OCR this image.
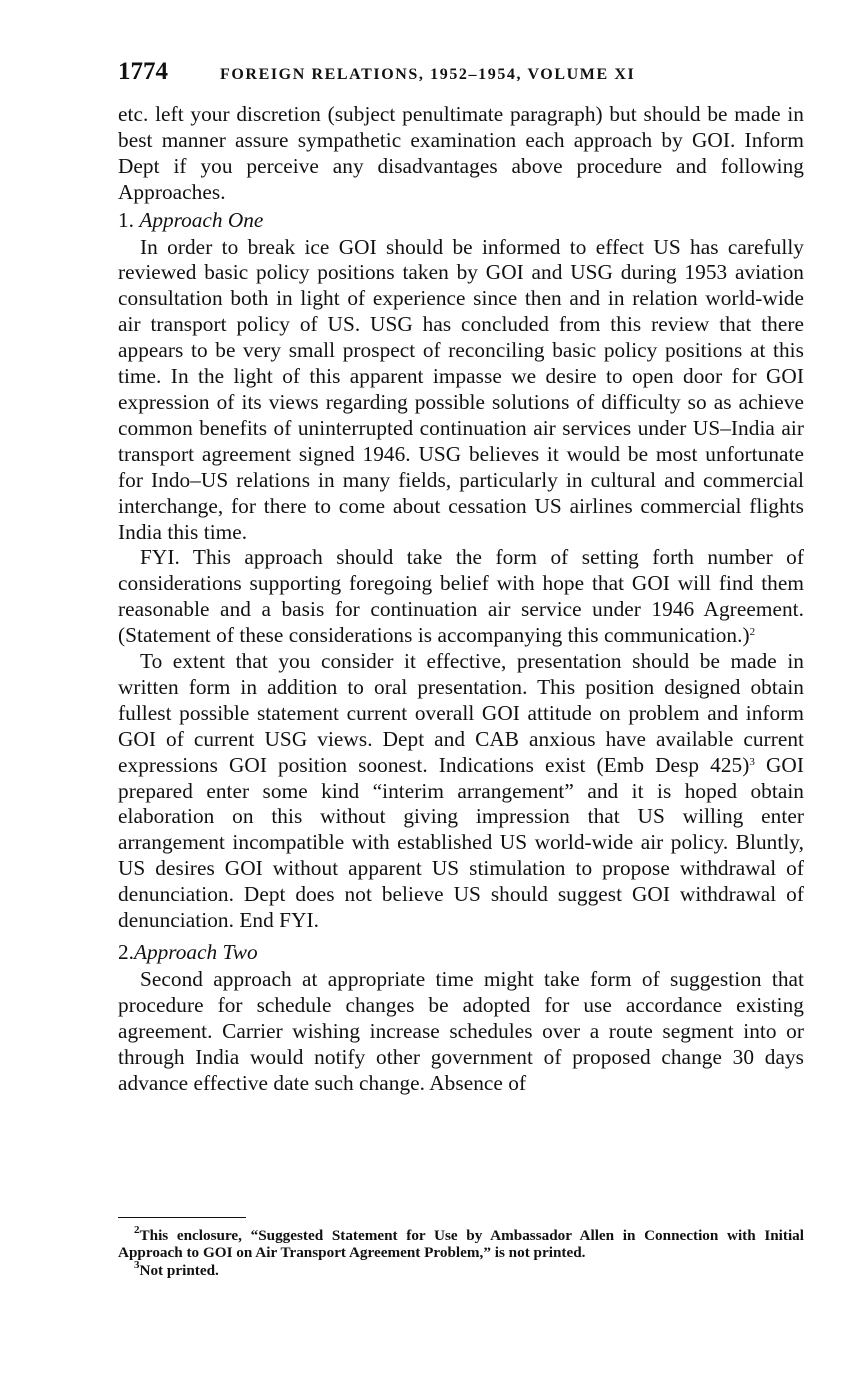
1774	FOREIGN RELATIONS, 1952–1954, VOLUME XI

etc. left your discretion (subject penultimate paragraph) but should be made in best manner assure sympathetic examination each approach by GOI. Inform Dept if you perceive any disadvantages above procedure and following Approaches.

1. Approach One

In order to break ice GOI should be informed to effect US has carefully reviewed basic policy positions taken by GOI and USG during 1953 aviation consultation both in light of experience since then and in relation world-wide air transport policy of US. USG has concluded from this review that there appears to be very small prospect of reconciling basic policy positions at this time. In the light of this apparent impasse we desire to open door for GOI expression of its views regarding possible solutions of difficulty so as achieve common benefits of uninterrupted continuation air services under US–India air transport agreement signed 1946. USG believes it would be most unfortunate for Indo–US relations in many fields, particularly in cultural and commercial interchange, for there to come about cessation US airlines commercial flights India this time.

FYI. This approach should take the form of setting forth number of considerations supporting foregoing belief with hope that GOI will find them reasonable and a basis for continuation air service under 1946 Agreement. (Statement of these considerations is accompanying this communication.)$^2$

To extent that you consider it effective, presentation should be made in written form in addition to oral presentation. This position designed obtain fullest possible statement current overall GOI attitude on problem and inform GOI of current USG views. Dept and CAB anxious have available current expressions GOI position soonest. Indications exist (Emb Desp 425)$^3$ GOI prepared enter some kind “interim arrangement” and it is hoped obtain elaboration on this without giving impression that US willing enter arrangement incompatible with established US world-wide air policy. Bluntly, US desires GOI without apparent US stimulation to propose withdrawal of denunciation. Dept does not believe US should suggest GOI withdrawal of denunciation. End FYI.

2.Approach Two

Second approach at appropriate time might take form of suggestion that procedure for schedule changes be adopted for use accordance existing agreement. Carrier wishing increase schedules over a route segment into or through India would notify other government of proposed change 30 days advance effective date such change. Absence of

$^2$This enclosure, “Suggested Statement for Use by Ambassador Allen in Connection with Initial Approach to GOI on Air Transport Agreement Problem,” is not printed.

$^3$Not printed.
